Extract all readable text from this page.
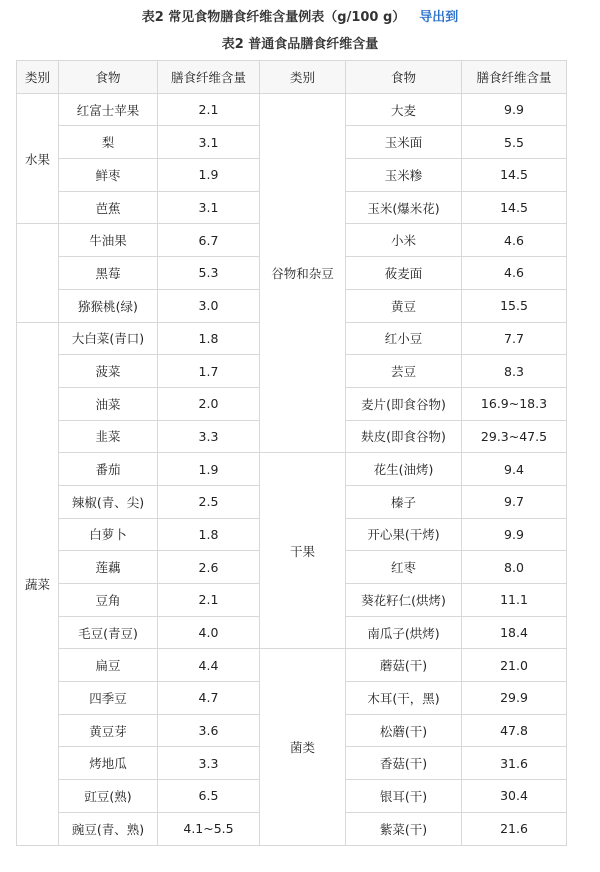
表2 常见食物膳食纤维含量例表（g/100 g） 导出到
表2 普通食品膳食纤维含量
类别	食物	膳食纤维含量	类别	食物	膳食纤维含量
水果	红富士苹果	2.1	谷物和杂豆	大麦	9.9
	梨	3.1		玉米面	5.5
	鲜枣	1.9		玉米糁	14.5
	芭蕉	3.1		玉米(爆米花)	14.5
	牛油果	6.7		小米	4.6
	黑莓	5.3		莜麦面	4.6
	猕猴桃(绿)	3.0		黄豆	15.5
蔬菜	大白菜(青口)	1.8		红小豆	7.7
	菠菜	1.7		芸豆	8.3
	油菜	2.0		麦片(即食谷物)	16.9~18.3
	韭菜	3.3		麸皮(即食谷物)	29.3~47.5
	番茄	1.9	干果	花生(油烤)	9.4
	辣椒(青、尖)	2.5		榛子	9.7
	白萝卜	1.8		开心果(干烤)	9.9
	莲藕	2.6		红枣	8.0
	豆角	2.1		葵花籽仁(烘烤)	11.1
	毛豆(青豆)	4.0		南瓜子(烘烤)	18.4
	扁豆	4.4	菌类	蘑菇(干)	21.0
	四季豆	4.7		木耳(干，黑)	29.9
	黄豆芽	3.6		松蘑(干)	47.8
	烤地瓜	3.3		香菇(干)	31.6
	豇豆(熟)	6.5		银耳(干)	30.4
	豌豆(青、熟)	4.1~5.5		紫菜(干)	21.6
